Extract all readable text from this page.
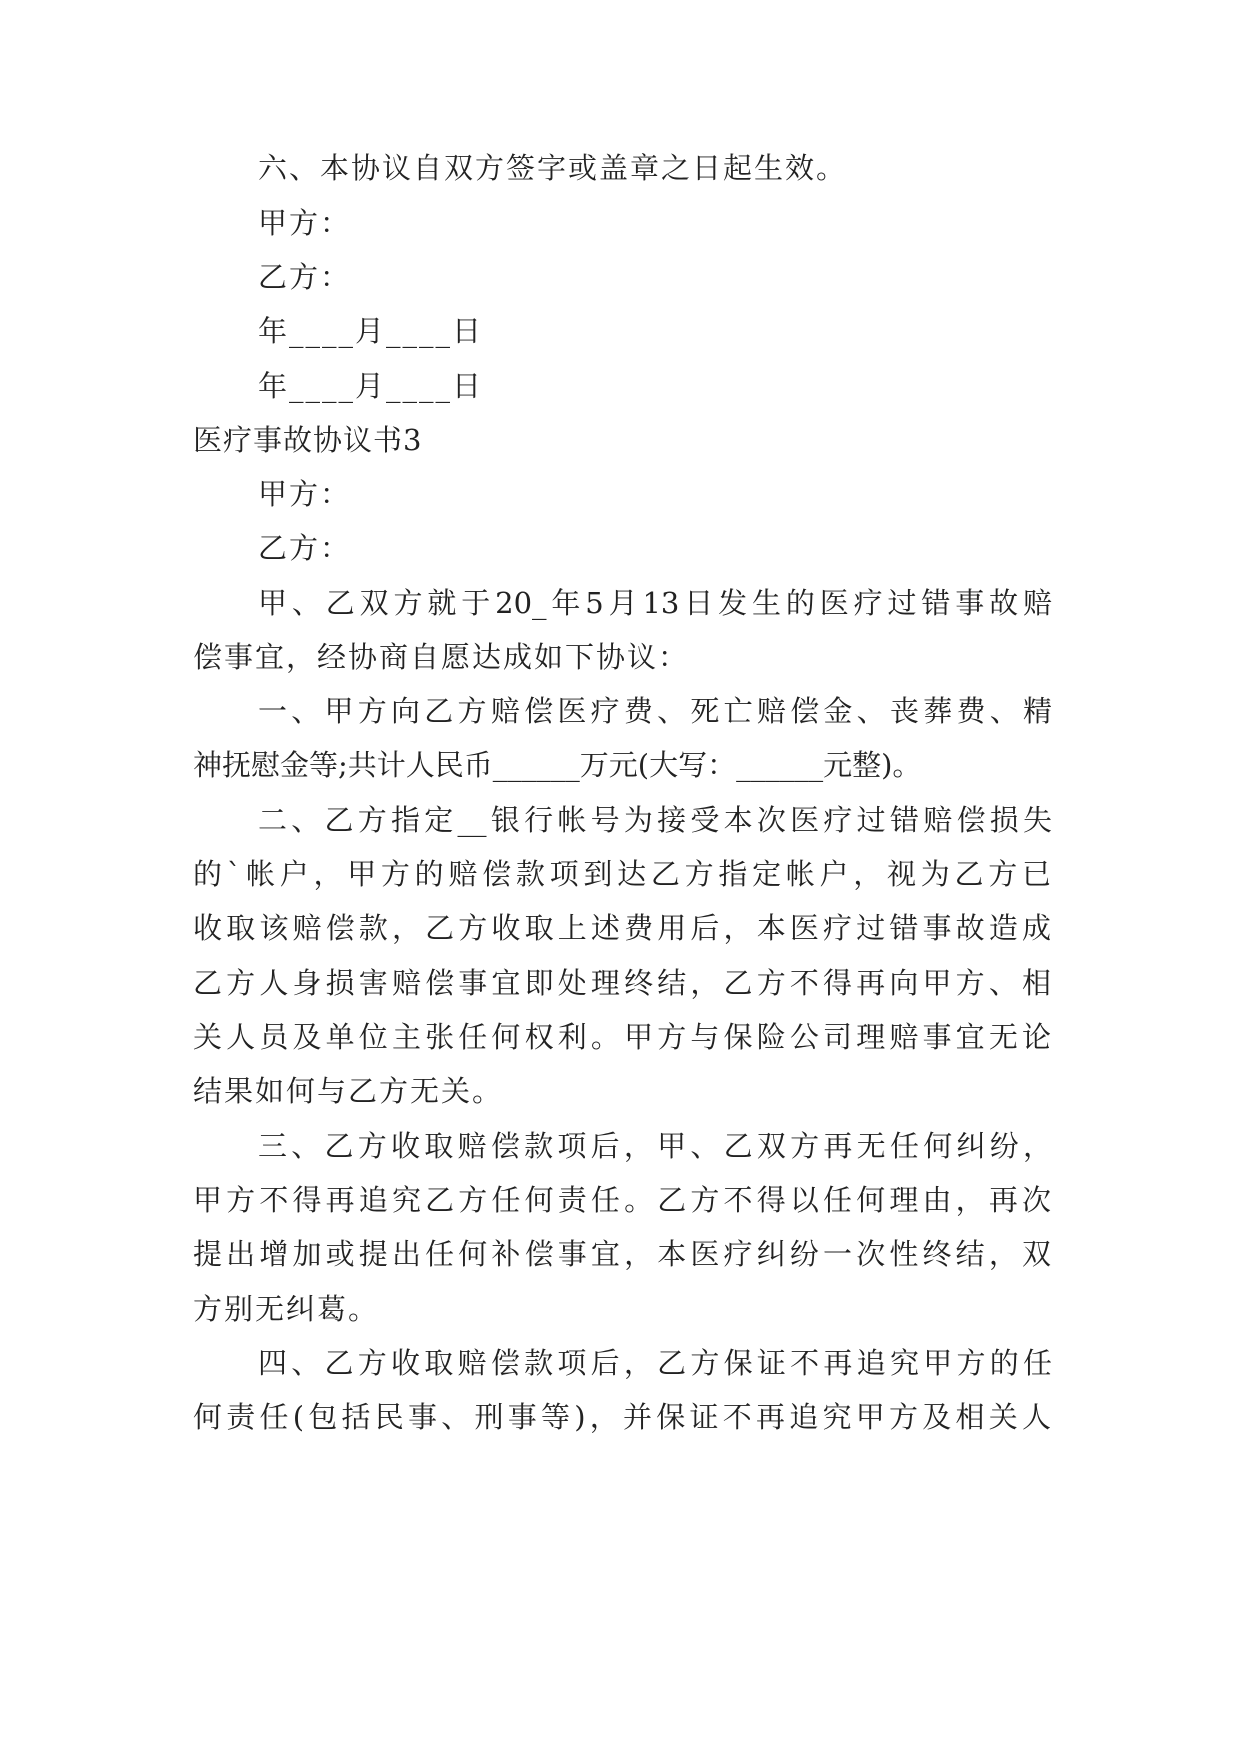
六、本协议自双方签字或盖章之日起生效。
甲方：
乙方：
年____月____日
年____月____日
医疗事故协议书3
甲方：
乙方：
甲、乙双方就于20_年5月13日发生的医疗过错事故赔
偿事宜，经协商自愿达成如下协议：
一、甲方向乙方赔偿医疗费、死亡赔偿金、丧葬费、精
神抚慰金等;共计人民币______万元(大写：______元整)。
二、乙方指定__银行帐号为接受本次医疗过错赔偿损失
的`帐户，甲方的赔偿款项到达乙方指定帐户，视为乙方已
收取该赔偿款，乙方收取上述费用后，本医疗过错事故造成
乙方人身损害赔偿事宜即处理终结，乙方不得再向甲方、相
关人员及单位主张任何权利。甲方与保险公司理赔事宜无论
结果如何与乙方无关。
三、乙方收取赔偿款项后，甲、乙双方再无任何纠纷，
甲方不得再追究乙方任何责任。乙方不得以任何理由，再次
提出增加或提出任何补偿事宜，本医疗纠纷一次性终结，双
方别无纠葛。
四、乙方收取赔偿款项后，乙方保证不再追究甲方的任
何责任(包括民事、刑事等)，并保证不再追究甲方及相关人
